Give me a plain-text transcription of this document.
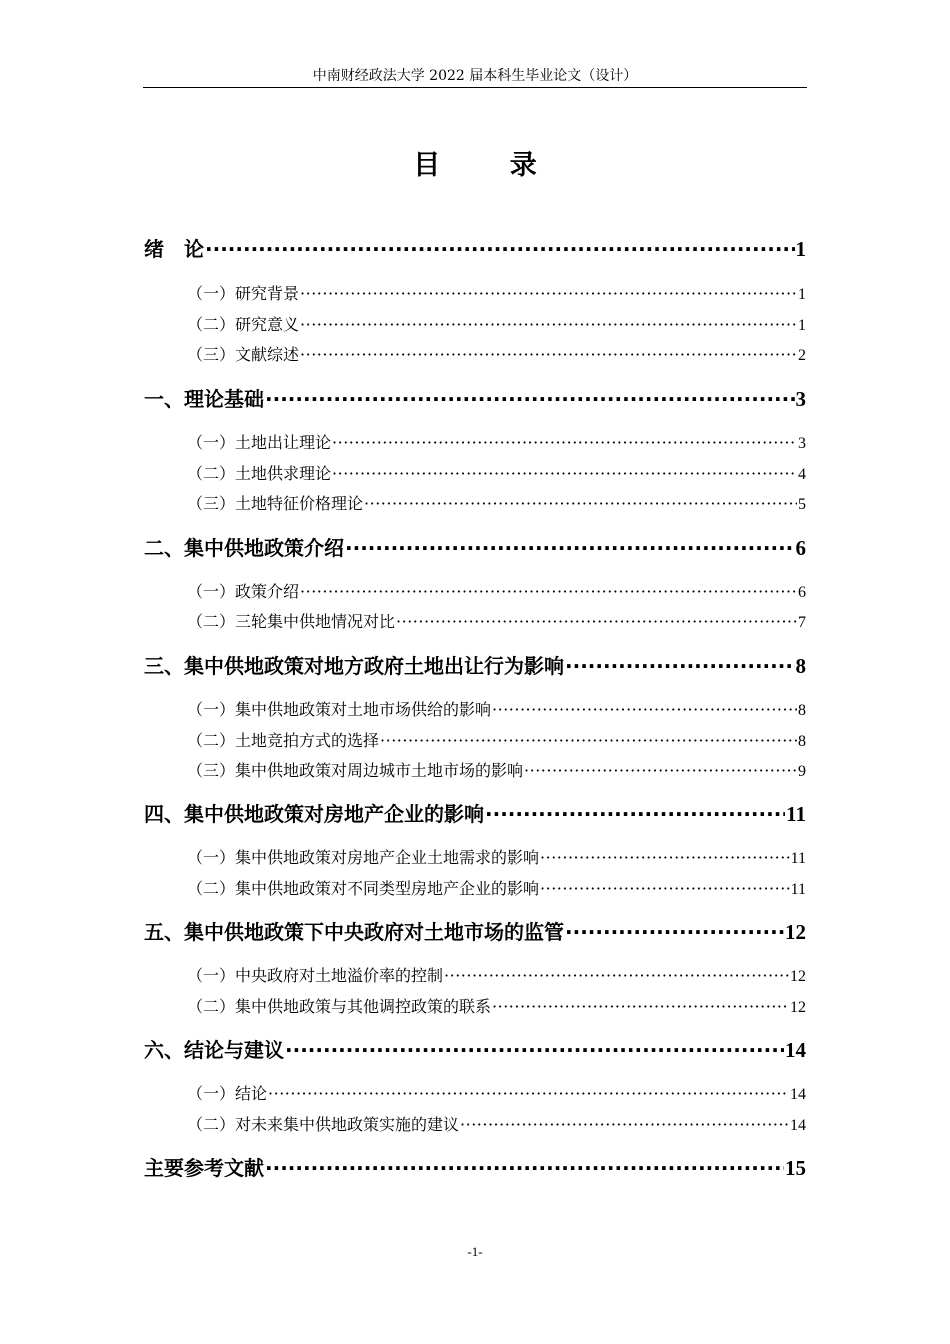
中南财经政法大学 2022 届本科生毕业论文（设计）
目 录
绪　论 ·····	1
（一）研究背景 ·····	1
（二）研究意义 ·····	1
（三）文献综述 ·····	2
一、理论基础 ·····	3
（一）土地出让理论 ·····	3
（二）土地供求理论 ·····	4
（三）土地特征价格理论 ·····	5
二、集中供地政策介绍 ·····	6
（一）政策介绍 ·····	6
（二）三轮集中供地情况对比 ·····	7
三、集中供地政策对地方政府土地出让行为影响 ·····	8
（一）集中供地政策对土地市场供给的影响 ·····	8
（二）土地竞拍方式的选择 ·····	8
（三）集中供地政策对周边城市土地市场的影响 ·····	9
四、集中供地政策对房地产企业的影响 ·····	11
（一）集中供地政策对房地产企业土地需求的影响 ·····	11
（二）集中供地政策对不同类型房地产企业的影响 ·····	11
五、集中供地政策下中央政府对土地市场的监管 ·····	12
（一）中央政府对土地溢价率的控制 ·····	12
（二）集中供地政策与其他调控政策的联系 ·····	12
六、结论与建议 ·····	14
（一）结论 ·····	14
（二）对未来集中供地政策实施的建议 ·····	14
主要参考文献 ·····	15
-1-
